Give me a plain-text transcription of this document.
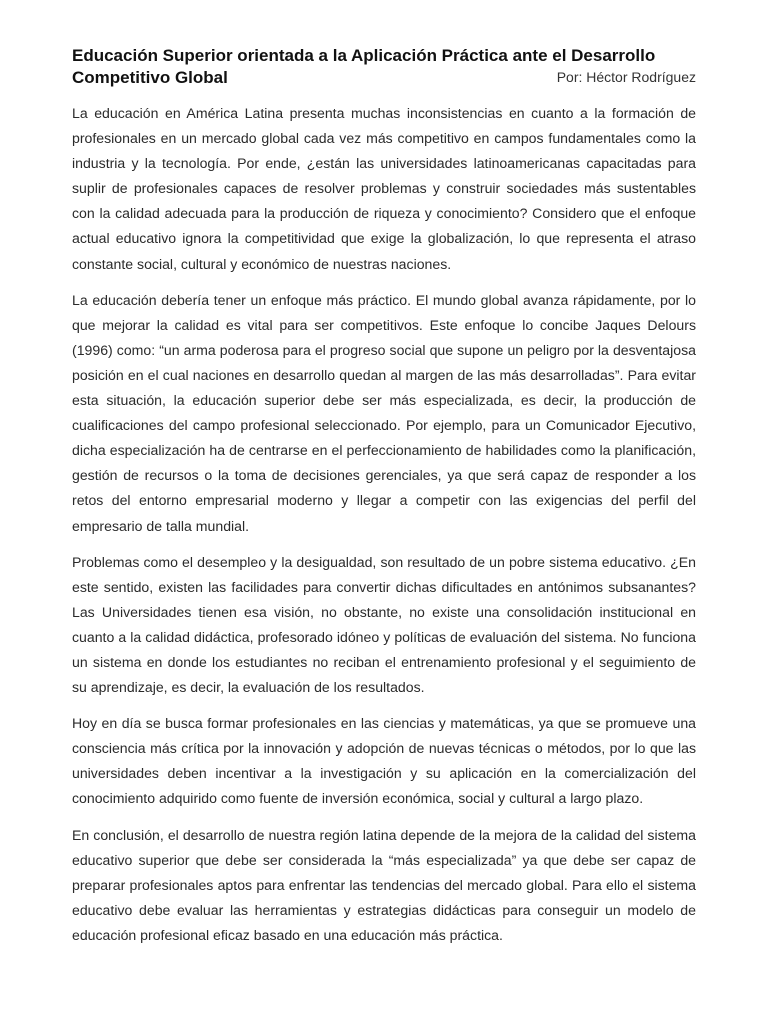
Educación Superior orientada a la Aplicación Práctica ante el Desarrollo
Competitivo Global	Por: Héctor Rodríguez

La educación en América Latina presenta muchas inconsistencias en cuanto a la formación de profesionales en un mercado global cada vez más competitivo en campos fundamentales como la industria y la tecnología. Por ende, ¿están las universidades latinoamericanas capacitadas para suplir de profesionales capaces de resolver problemas y construir sociedades más sustentables con la calidad adecuada para la producción de riqueza y conocimiento? Considero que el enfoque actual educativo ignora la competitividad que exige la globalización, lo que representa el atraso constante social, cultural y económico de nuestras naciones.

La educación debería tener un enfoque más práctico. El mundo global avanza rápidamente, por lo que mejorar la calidad es vital para ser competitivos. Este enfoque lo concibe Jaques Delours (1996) como: “un arma poderosa para el progreso social que supone un peligro por la desventajosa posición en el cual naciones en desarrollo quedan al margen de las más desarrolladas”. Para evitar esta situación, la educación superior debe ser más especializada, es decir, la producción de cualificaciones del campo profesional seleccionado. Por ejemplo, para un Comunicador Ejecutivo, dicha especialización ha de centrarse en el perfeccionamiento de habilidades como la planificación, gestión de recursos o la toma de decisiones gerenciales, ya que será capaz de responder a los retos del entorno empresarial moderno y llegar a competir con las exigencias del perfil del empresario de talla mundial.

Problemas como el desempleo y la desigualdad, son resultado de un pobre sistema educativo. ¿En este sentido, existen las facilidades para convertir dichas dificultades en antónimos subsanantes? Las Universidades tienen esa visión, no obstante, no existe una consolidación institucional en cuanto a la calidad didáctica, profesorado idóneo y políticas de evaluación del sistema. No funciona un sistema en donde los estudiantes no reciban el entrenamiento profesional y el seguimiento de su aprendizaje, es decir, la evaluación de los resultados.

Hoy en día se busca formar profesionales en las ciencias y matemáticas, ya que se promueve una consciencia más crítica por la innovación y adopción de nuevas técnicas o métodos, por lo que las universidades deben incentivar a la investigación y su aplicación en la comercialización del conocimiento adquirido como fuente de inversión económica, social y cultural a largo plazo.

En conclusión, el desarrollo de nuestra región latina depende de la mejora de la calidad del sistema educativo superior que debe ser considerada la “más especializada” ya que debe ser capaz de preparar profesionales aptos para enfrentar las tendencias del mercado global. Para ello el sistema educativo debe evaluar las herramientas y estrategias didácticas para conseguir un modelo de educación profesional eficaz basado en una educación más práctica.
